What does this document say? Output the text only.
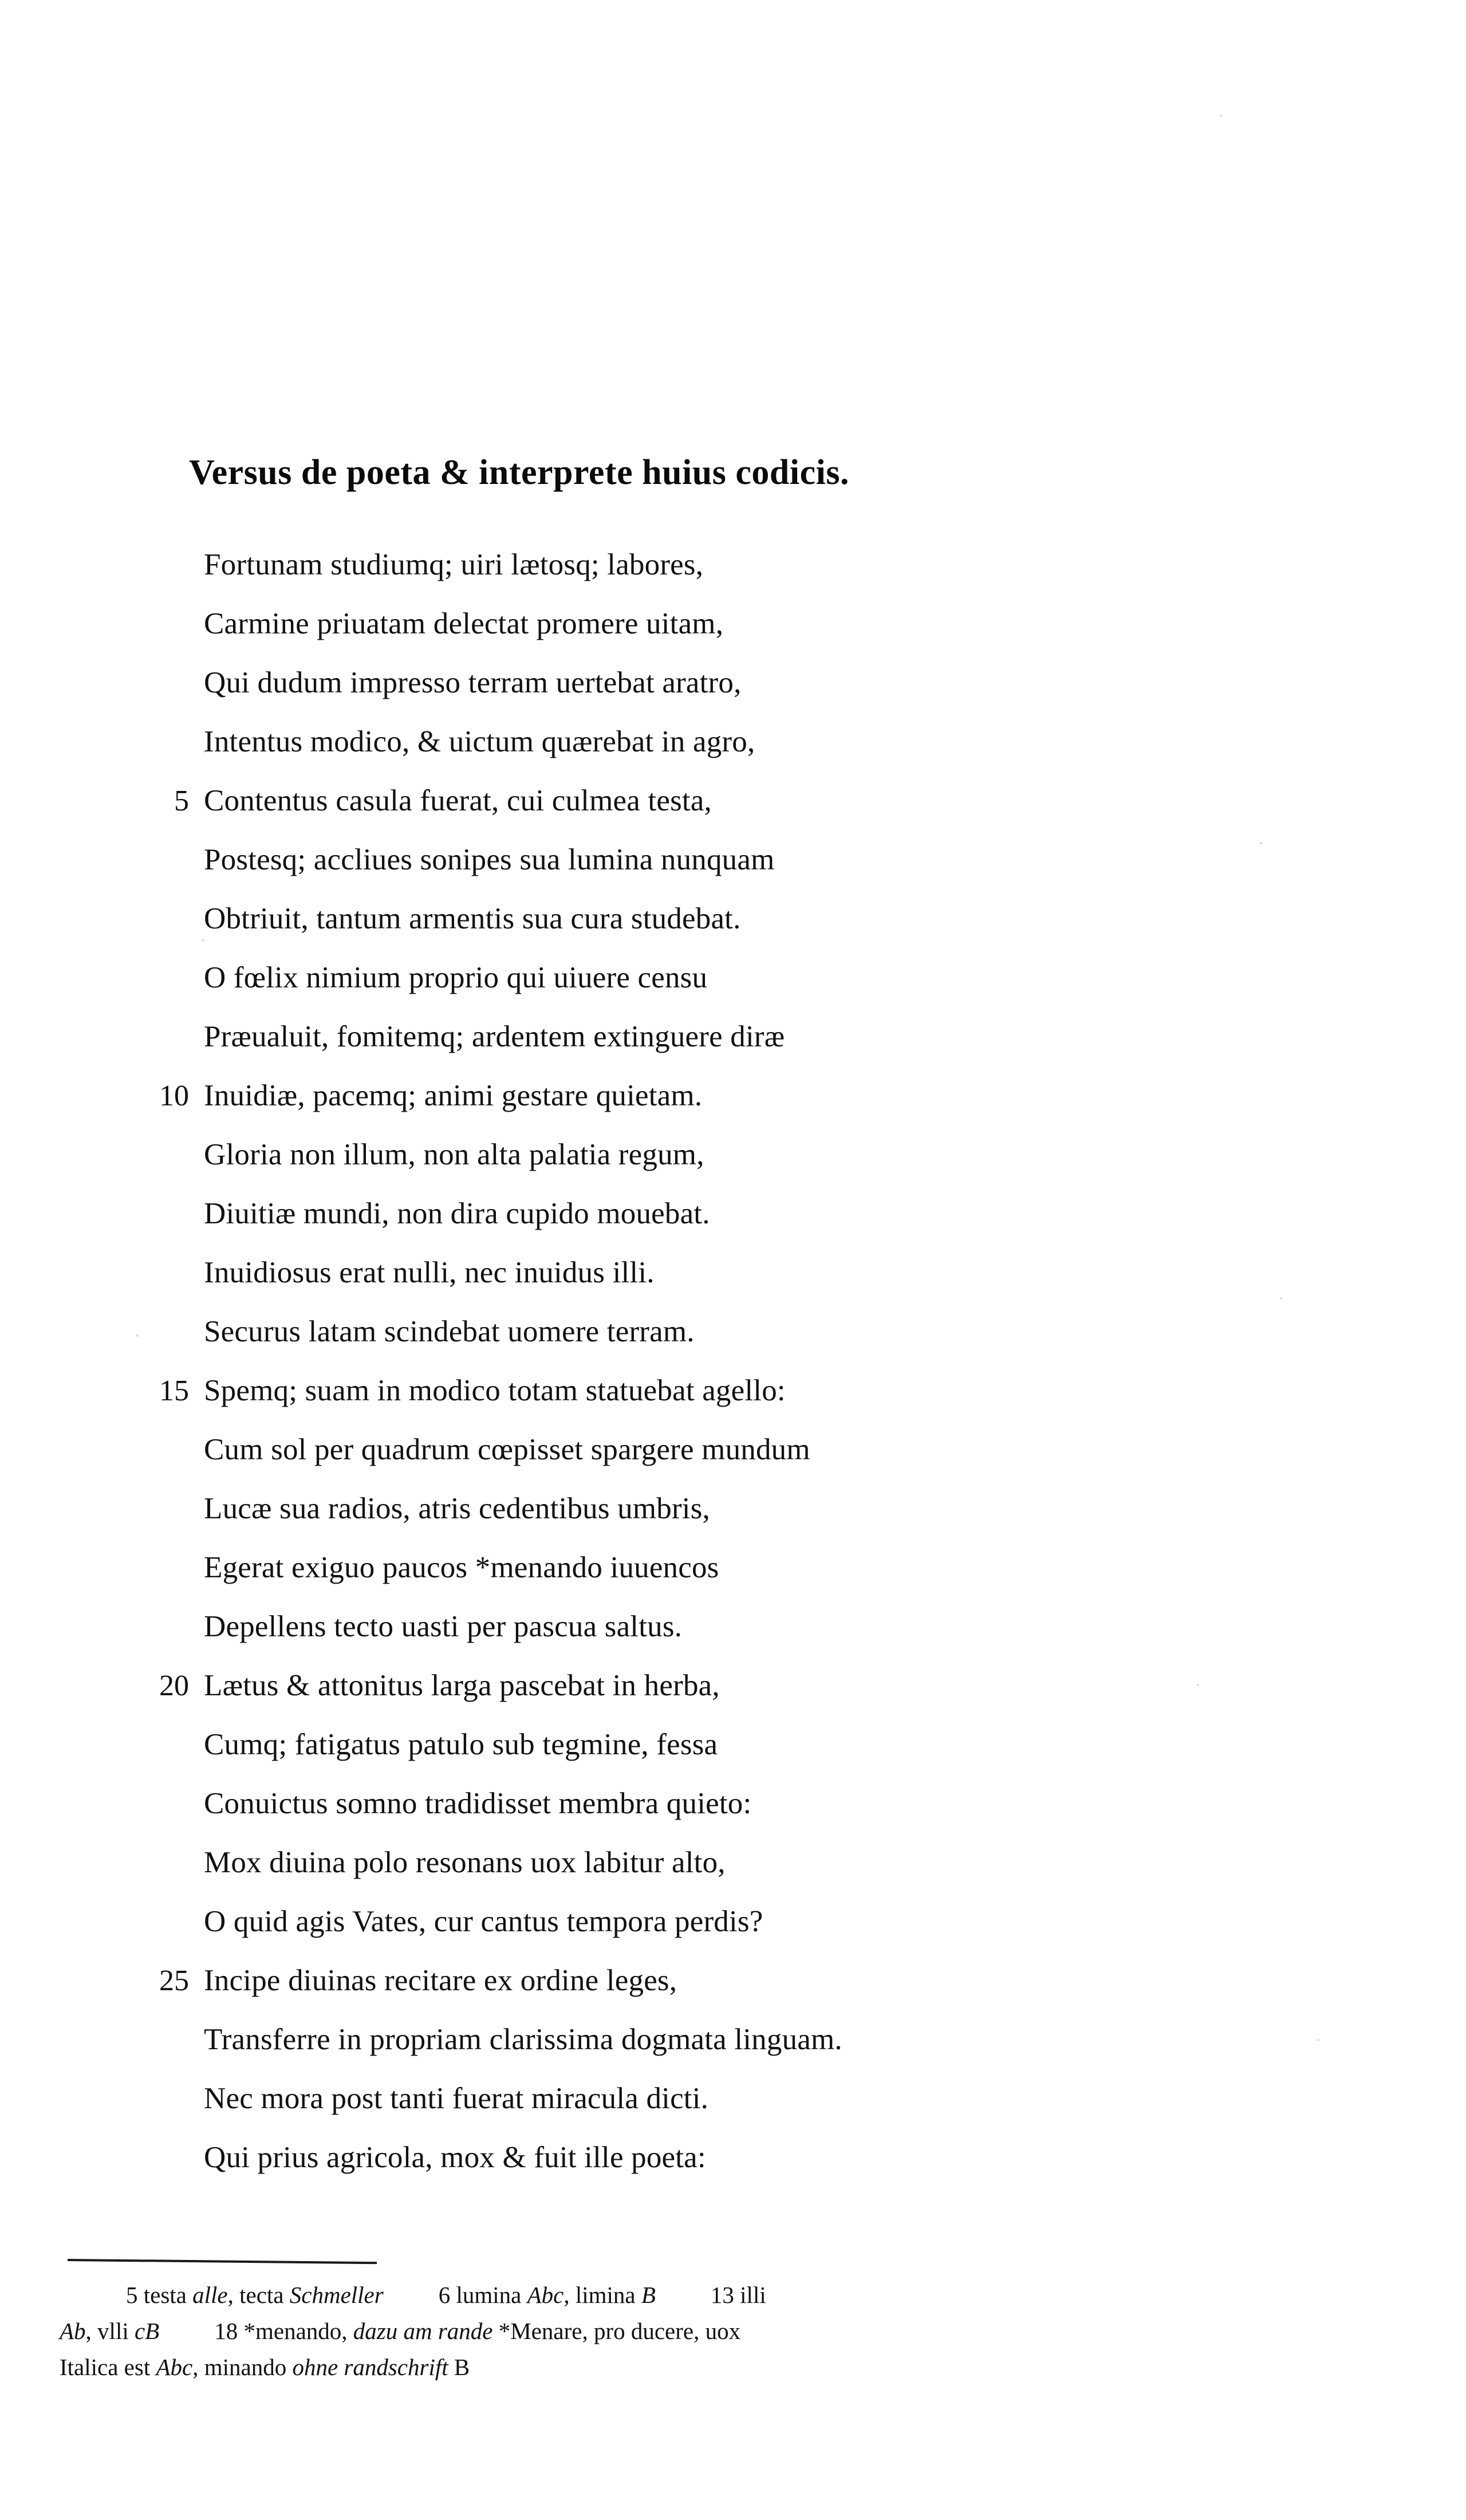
Versus de poeta & interprete huius codicis.
Fortunam studiumq; uiri lætosq; labores,
Carmine priuatam delectat promere uitam,
Qui dudum impresso terram uertebat aratro,
Intentus modico, & uictum quærebat in agro,
5 Contentus casula fuerat, cui culmea testa,
Postesq; accliues sonipes sua lumina nunquam
Obtriuit, tantum armentis sua cura studebat.
O fœlix nimium proprio qui uiuere censu
Præualuit, fomitemq; ardentem extinguere diræ
10 Inuidiæ, pacemq; animi gestare quietam.
Gloria non illum, non alta palatia regum,
Diuitiæ mundi, non dira cupido mouebat.
Inuidiosus erat nulli, nec inuidus illi.
Securus latam scindebat uomere terram.
15 Spemq; suam in modico totam statuebat agello:
Cum sol per quadrum cœpisset spargere mundum
Lucæ sua radios, atris cedentibus umbris,
Egerat exiguo paucos *menando iuuencos
Depellens tecto uasti per pascua saltus.
20 Lætus & attonitus larga pascebat in herba,
Cumq; fatigatus patulo sub tegmine, fessa
Conuictus somno tradidisset membra quieto:
Mox diuina polo resonans uox labitur alto,
O quid agis Vates, cur cantus tempora perdis?
25 Incipe diuinas recitare ex ordine leges,
Transferre in propriam clarissima dogmata linguam.
Nec mora post tanti fuerat miracula dicti.
Qui prius agricola, mox & fuit ille poeta:
5 testa alle, tecta Schmeller 6 lumina Abc, limina B 13 illi
Ab, vlli cB 18 *menando, dazu am rande *Menare, pro ducere, uox
Italica est Abc, minando ohne randschrift B
